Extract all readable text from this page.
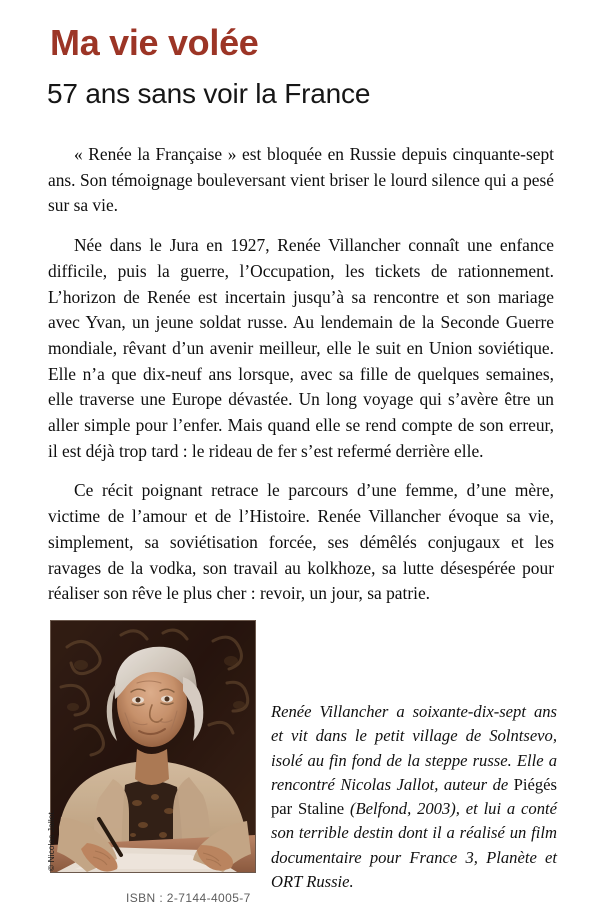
Ma vie volée
57 ans sans voir la France

« Renée la Française » est bloquée en Russie depuis cinquante-sept ans. Son témoignage bouleversant vient briser le lourd silence qui a pesé sur sa vie.

Née dans le Jura en 1927, Renée Villancher connaît une enfance difficile, puis la guerre, l’Occupation, les tickets de rationnement. L’horizon de Renée est incertain jusqu’à sa rencontre et son mariage avec Yvan, un jeune soldat russe. Au lendemain de la Seconde Guerre mondiale, rêvant d’un avenir meilleur, elle le suit en Union soviétique. Elle n’a que dix-neuf ans lorsque, avec sa fille de quelques semaines, elle traverse une Europe dévastée. Un long voyage qui s’avère être un aller simple pour l’enfer. Mais quand elle se rend compte de son erreur, il est déjà trop tard : le rideau de fer s’est refermé derrière elle.

Ce récit poignant retrace le parcours d’une femme, d’une mère, victime de l’amour et de l’Histoire. Renée Villancher évoque sa vie, simplement, sa soviétisation forcée, ses démêlés conjugaux et les ravages de la vodka, son travail au kolkhoze, sa lutte désespérée pour réaliser son rêve le plus cher : revoir, un jour, sa patrie.

© Nicolas Jallot.
Renée Villancher a soixante-dix-sept ans et vit dans le petit village de Solntsevo, isolé au fin fond de la steppe russe. Elle a rencontré Nicolas Jallot, auteur de Piégés par Staline (Belfond, 2003), et lui a conté son terrible destin dont il a réalisé un film documentaire pour France 3, Planète et ORT Russie.
ISBN : 2-7144-4005-7
